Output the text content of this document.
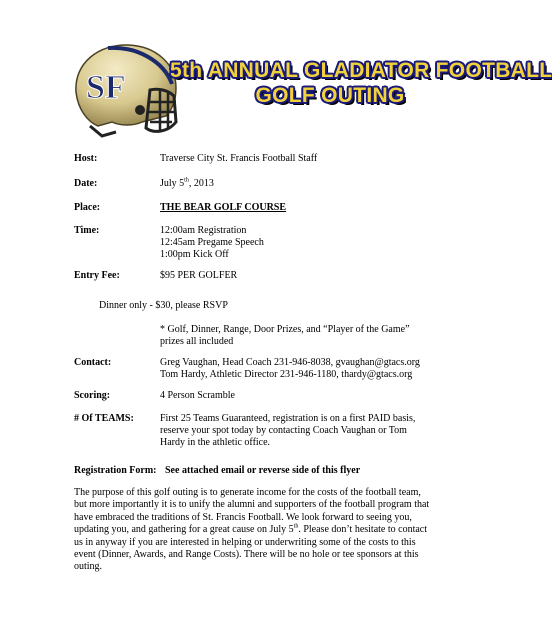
SF 5th ANNUAL GLADIATOR FOOTBALL
GOLF OUTING
Host:	Traverse City St. Francis Football Staff
Date:	July 5th, 2013
Place:	THE BEAR GOLF COURSE
Time:	12:00am Registration
12:45am Pregame Speech
1:00pm Kick Off
Entry Fee:	$95 PER GOLFER
Dinner only - $30, please RSVP
* Golf, Dinner, Range, Door Prizes, and “Player of the Game”
prizes all included
Contact:	Greg Vaughan, Head Coach 231-946-8038, gvaughan@gtacs.org
Tom Hardy, Athletic Director 231-946-1180, thardy@gtacs.org
Scoring:	4 Person Scramble
# Of TEAMS:	First 25 Teams Guaranteed, registration is on a first PAID basis,
reserve your spot today by contacting Coach Vaughan or Tom
Hardy in the athletic office.
Registration Form: See attached email or reverse side of this flyer
The purpose of this golf outing is to generate income for the costs of the football team,
but more importantly it is to unify the alumni and supporters of the football program that
have embraced the traditions of St. Francis Football. We look forward to seeing you,
updating you, and gathering for a great cause on July 5th. Please don’t hesitate to contact
us in anyway if you are interested in helping or underwriting some of the costs to this
event (Dinner, Awards, and Range Costs). There will be no hole or tee sponsors at this
outing.
